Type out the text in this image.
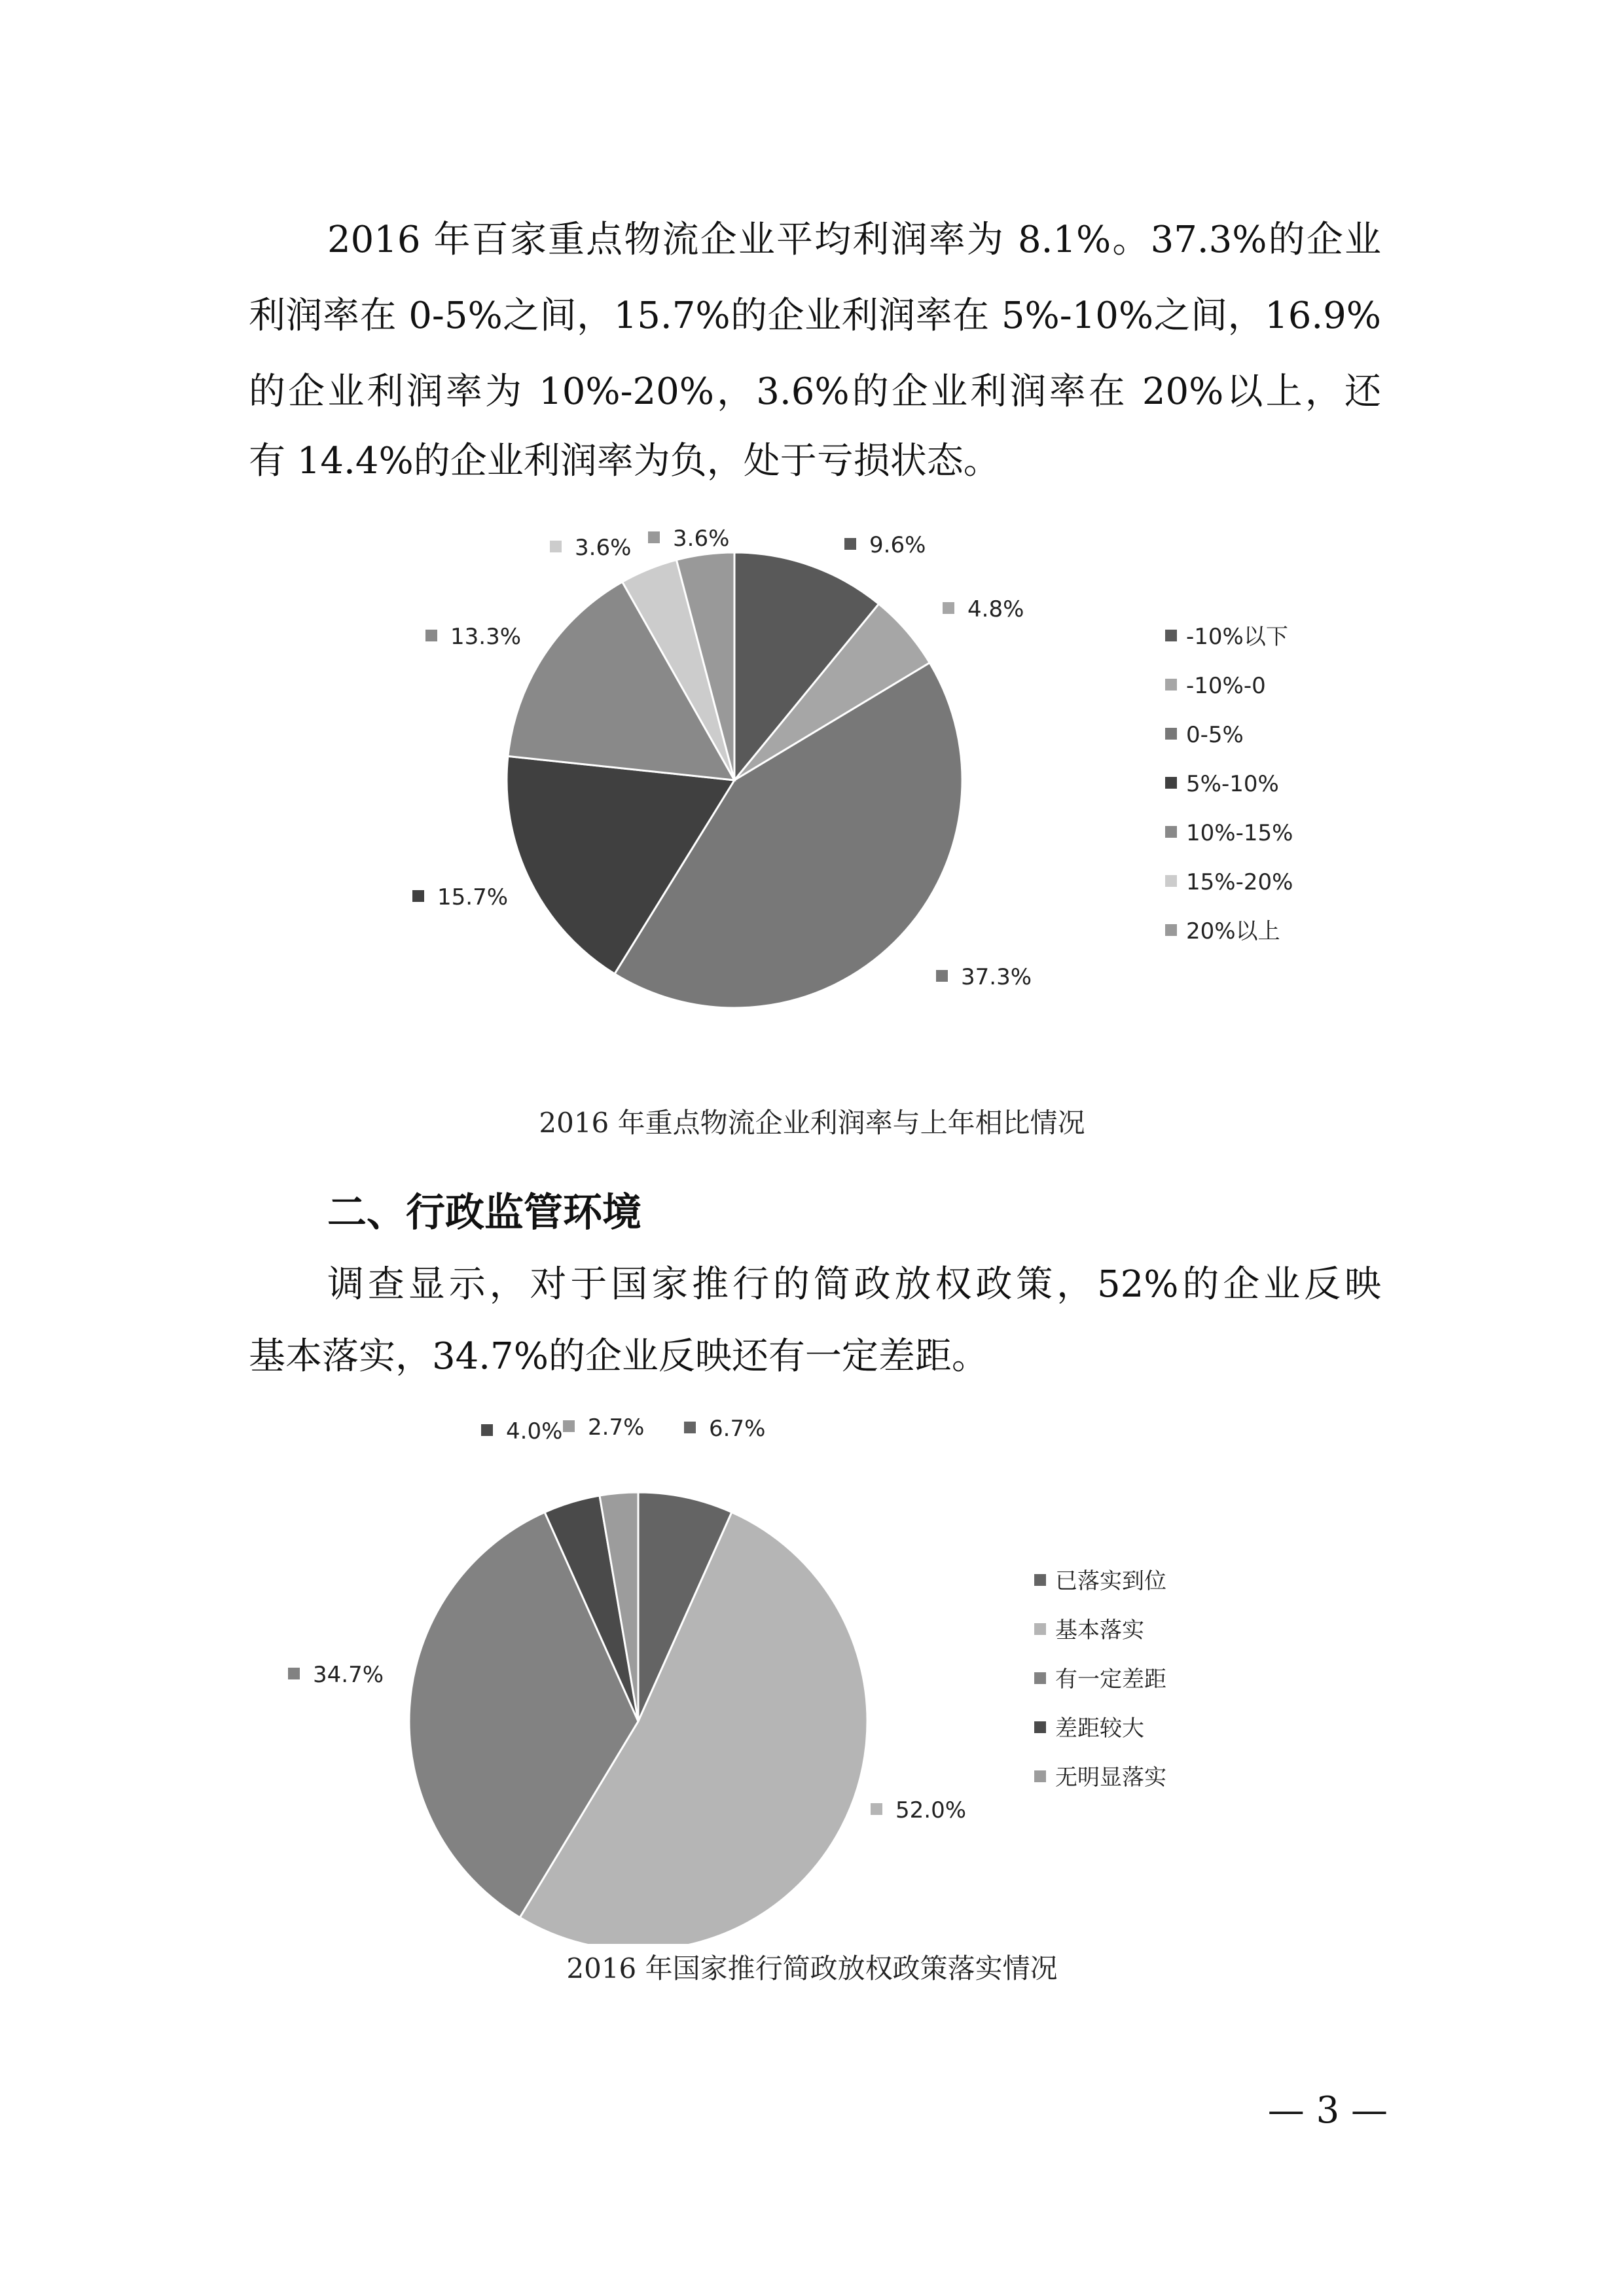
2016 年百家重点物流企业平均利润率为 8.1%。37.3%的企业
利润率在 0-5%之间，15.7%的企业利润率在 5%-10%之间，16.9%
的企业利润率为 10%-20%，3.6%的企业利润率在 20%以上，还
有 14.4%的企业利润率为负，处于亏损状态。
9.6%
4.8%
37.3%
15.7%
13.3%
3.6% 3.6%
-10%以下
-10%-0
0-5%
5%-10%
10%-15%
15%-20%
20%以上
2016 年重点物流企业利润率与上年相比情况
二、行政监管环境
调查显示，对于国家推行的简政放权政策，52%的企业反映
基本落实，34.7%的企业反映还有一定差距。
6.7%
52.0%
34.7%
4.0% 2.7%
已落实到位
基本落实
有一定差距
差距较大
无明显落实
2016 年国家推行简政放权政策落实情况
— 3 —
